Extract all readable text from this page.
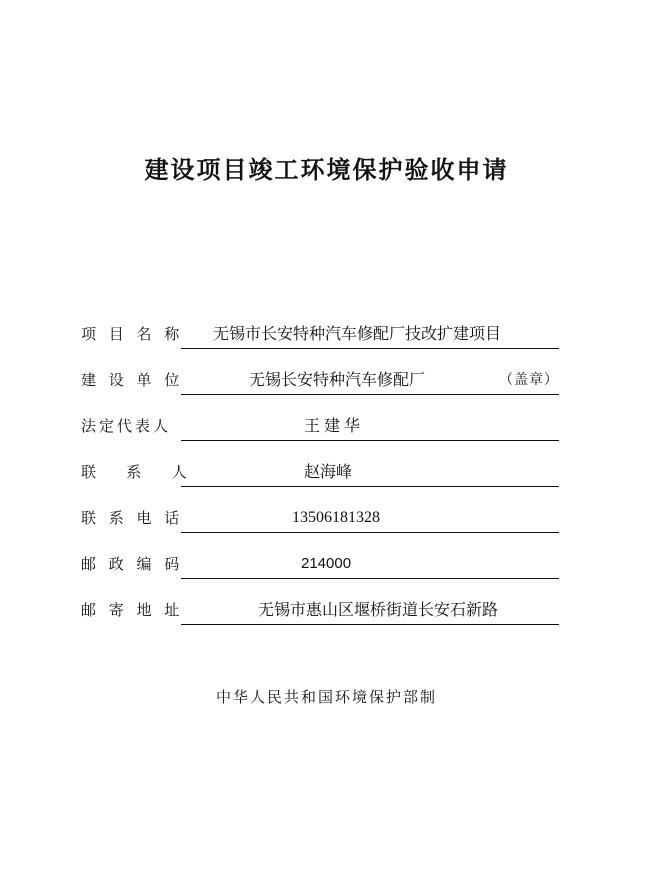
建设项目竣工环境保护验收申请
项 目 名 称 无锡市长安特种汽车修配厂技改扩建项目
建 设 单 位	无锡长安特种汽车修配厂	（盖章）
法定代表人	王建华
联   系   人	赵海峰
联 系 电 话	13506181328
邮 政 编 码	214000
邮 寄 地 址	无锡市惠山区堰桥街道长安石新路
中华人民共和国环境保护部制
